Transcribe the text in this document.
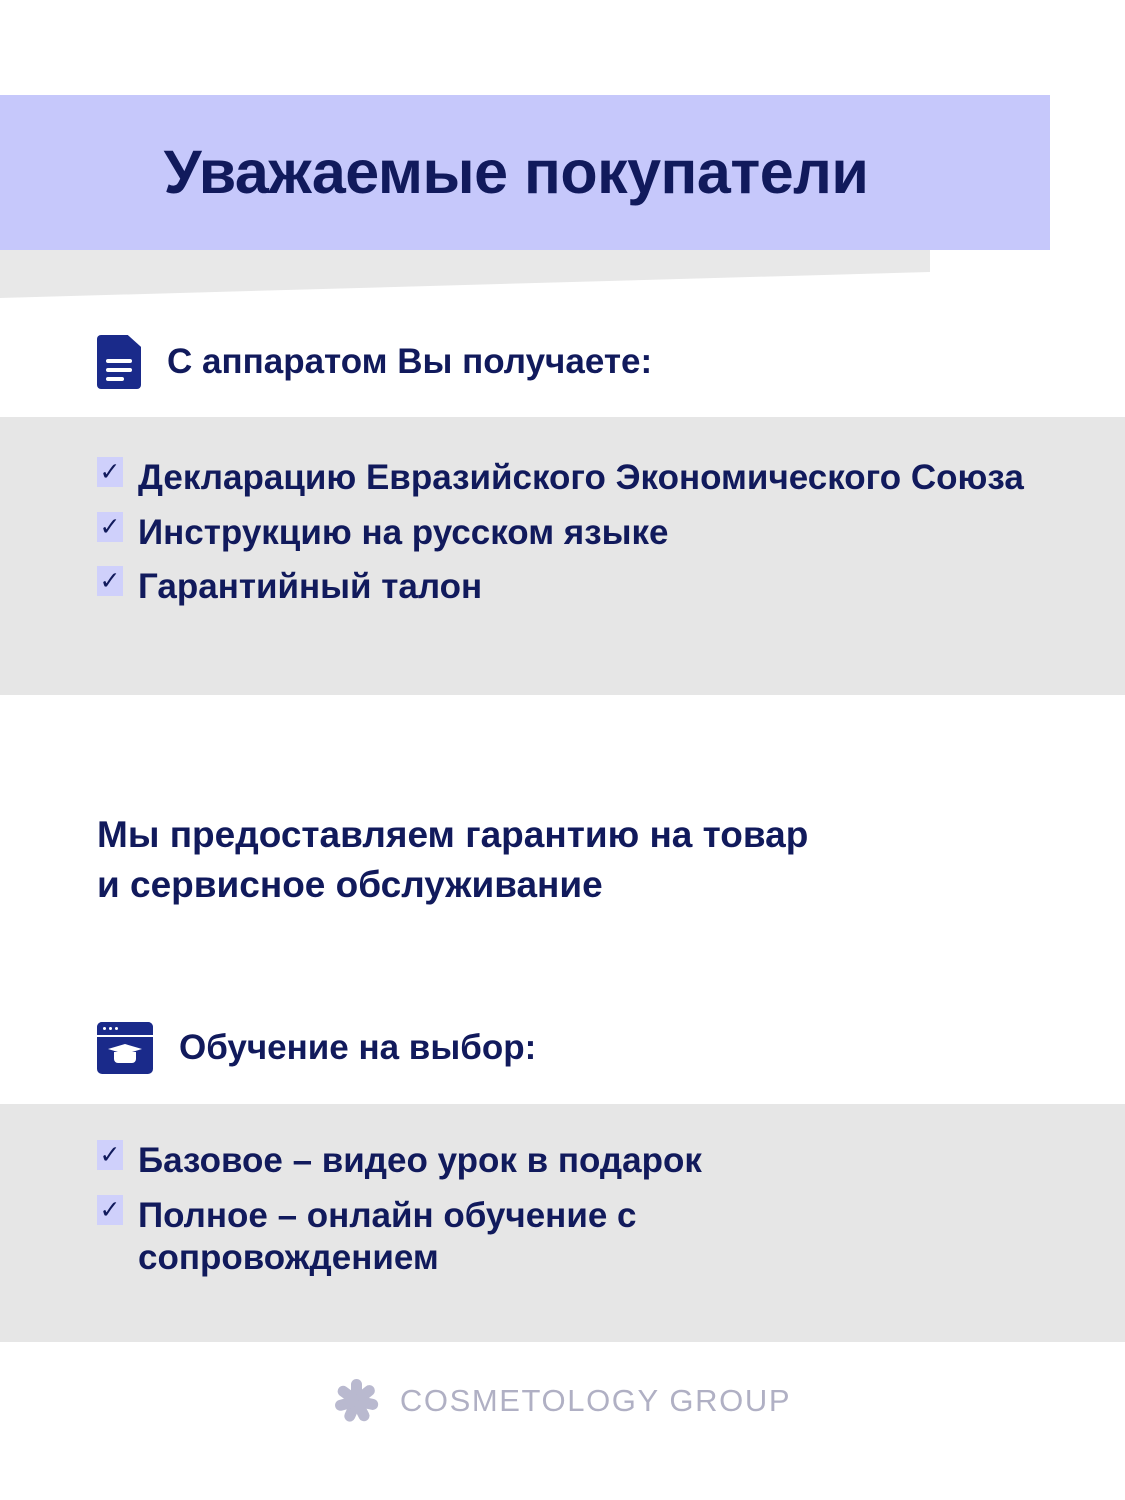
Уважаемые покупатели
С аппаратом Вы получаете:
✓ Декларацию Евразийского Экономического Союза
✓ Инструкцию на русском языке
✓ Гарантийный талон
Мы предоставляем гарантию на товар
и сервисное обслуживание
Обучение на выбор:
✓ Базовое – видео урок в подарок
✓ Полное – онлайн обучение с сопровождением
COSMETOLOGY GROUP
